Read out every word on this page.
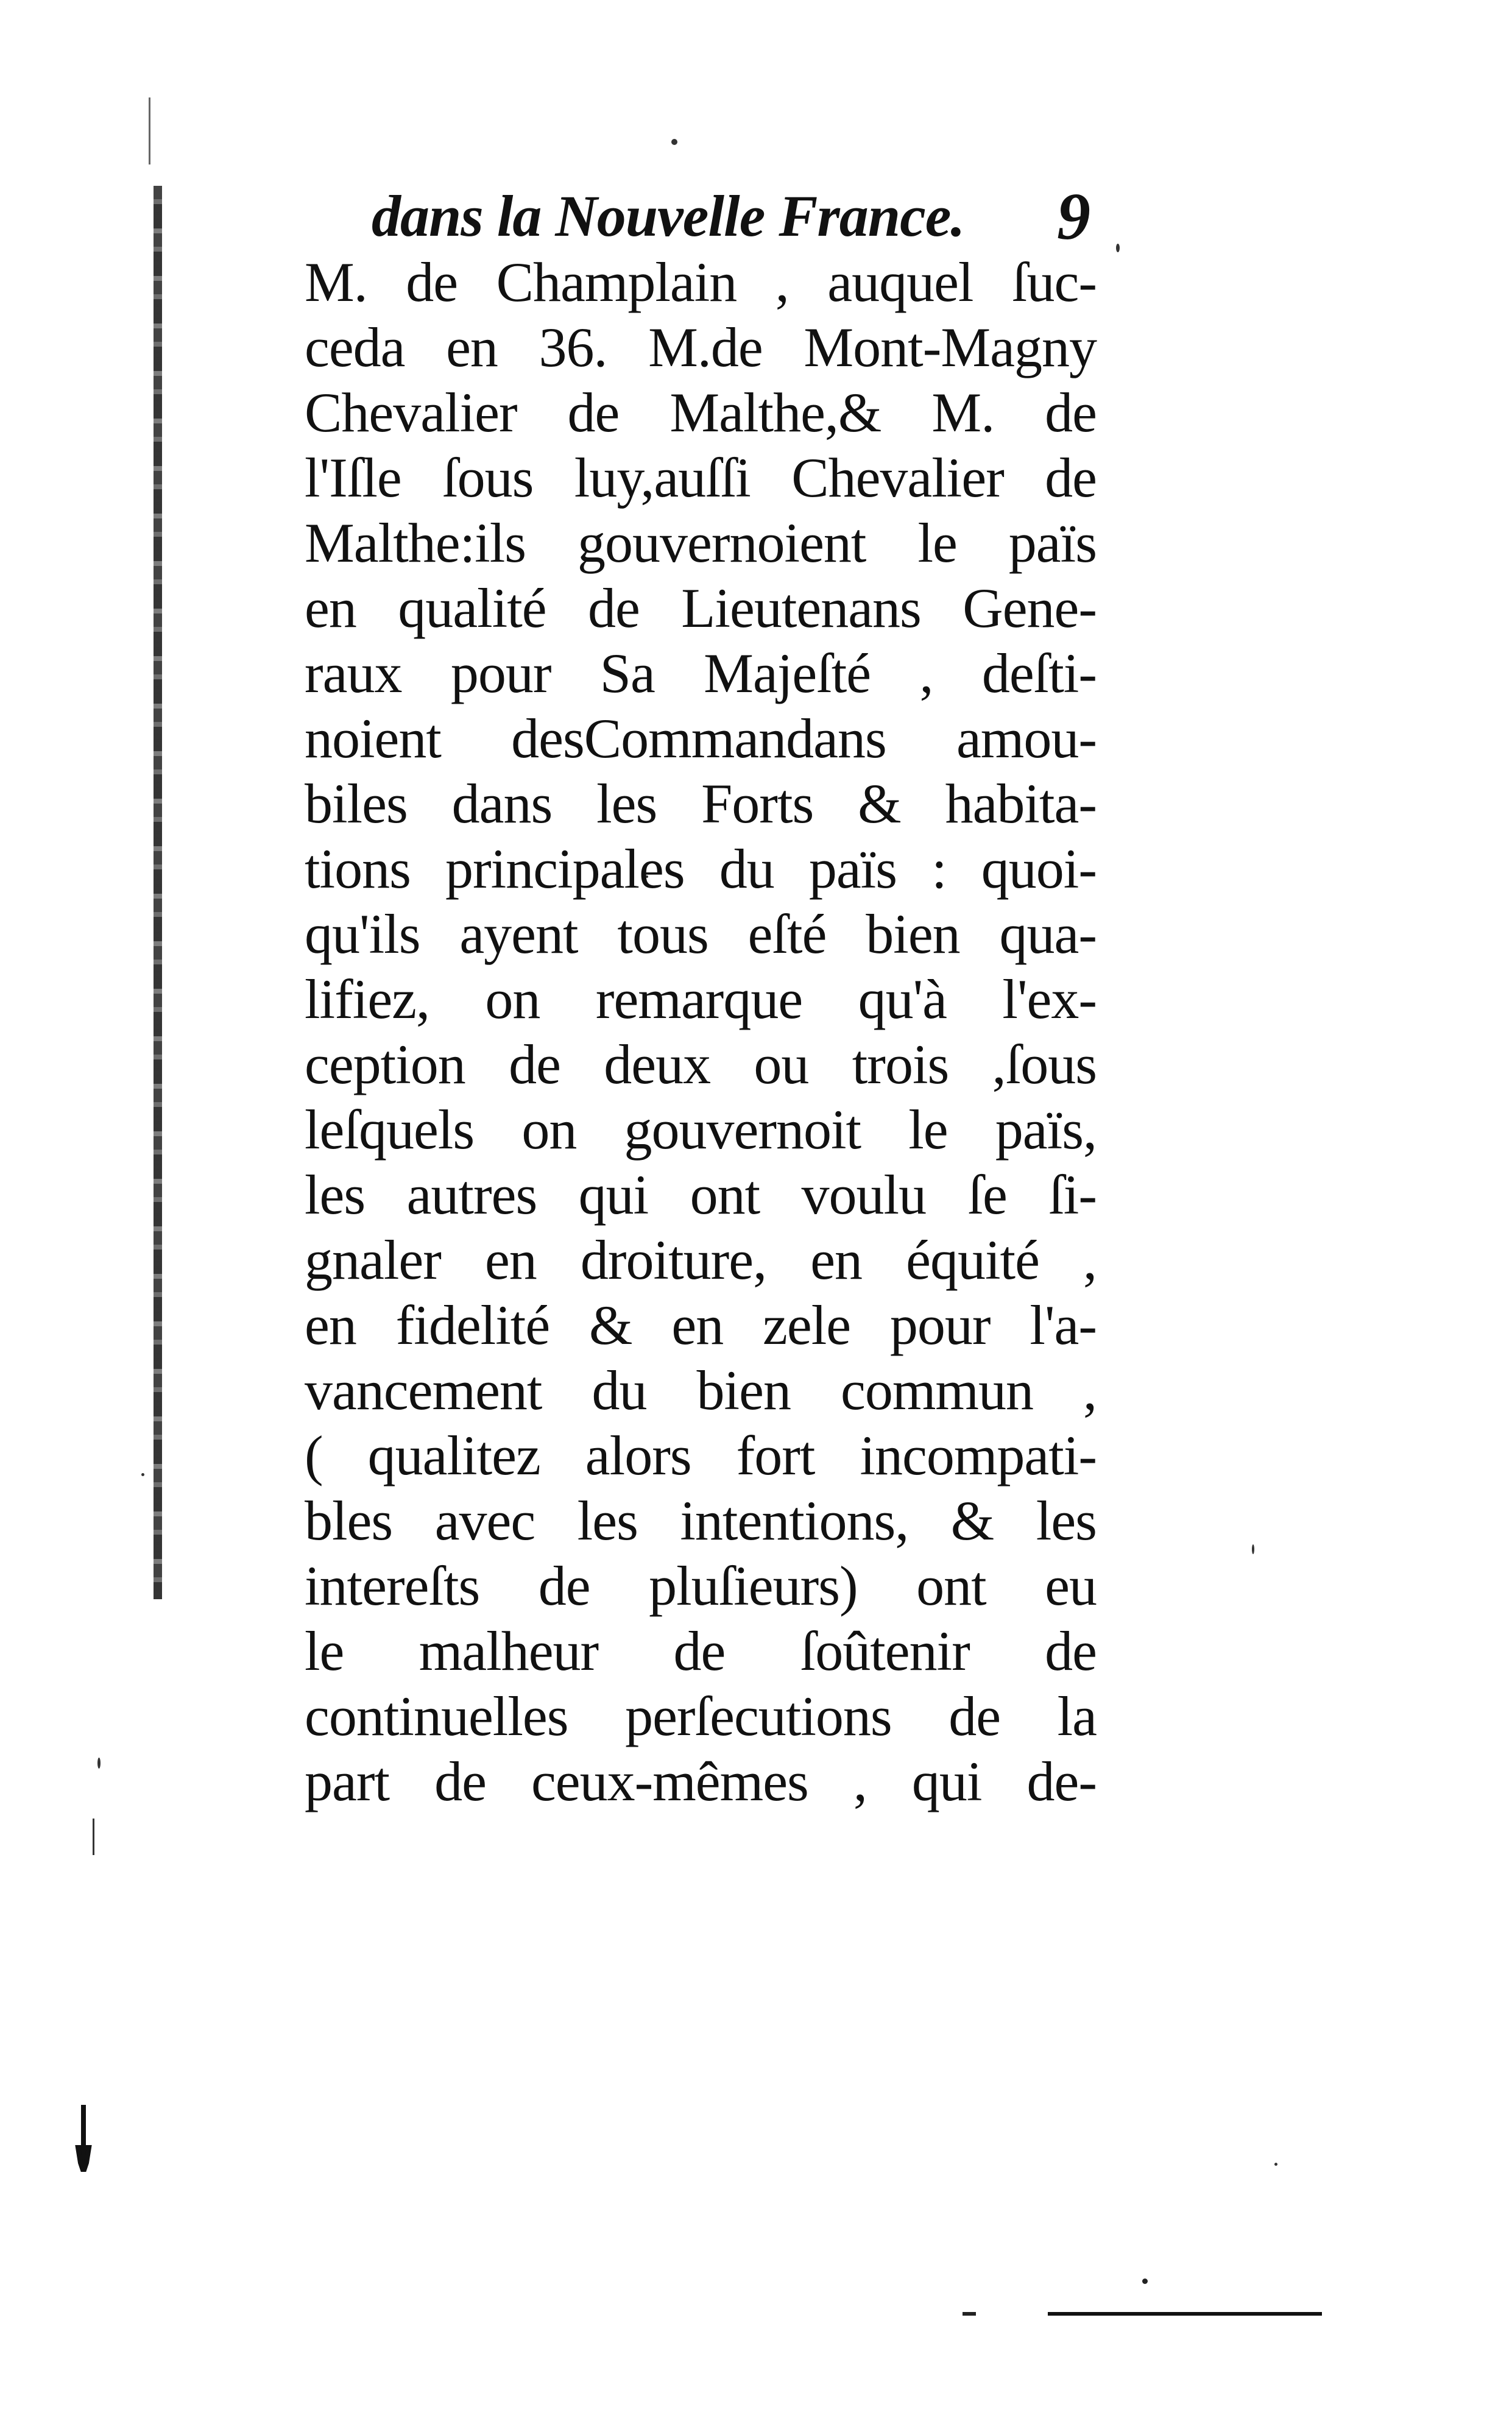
dans la Nouvelle France.	9
M. de Champlain , auquel ſuc-
ceda en 36. M.de Mont-Magny
Chevalier de Malthe,& M. de
l'Iſle ſous luy,auſſi Chevalier de
Malthe:ils gouvernoient le païs
en qualité de Lieutenans Gene-
raux pour Sa Majeſté , deſti-
noient desCommandans amou-
biles dans les Forts & habita-
tions principales du païs : quoi-
qu'ils ayent tous eſté bien qua-
lifiez, on remarque qu'à l'ex-
ception de deux ou trois ,ſous
leſquels on gouvernoit le païs,
les autres qui ont voulu ſe ſi-
gnaler en droiture, en équité ,
en fidelité & en zele pour l'a-
vancement du bien commun ,
( qualitez alors fort incompati-
bles avec les intentions, & les
intereſts de pluſieurs) ont eu
le malheur de ſoûtenir de
continuelles perſecutions de la
part de ceux-mêmes , qui de-
